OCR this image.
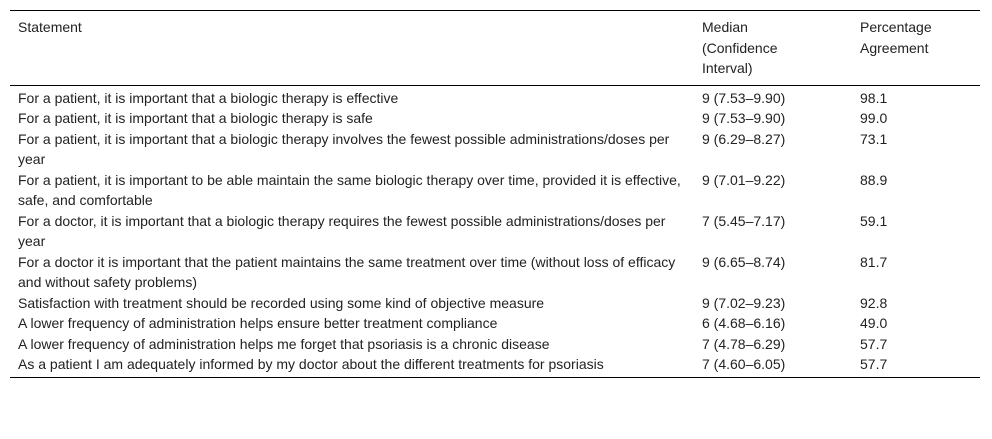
Statement	Median (Confidence Interval)	Percentage Agreement

For a patient, it is important that a biologic therapy is effective	9 (7.53–9.90)	98.1
For a patient, it is important that a biologic therapy is safe	9 (7.53–9.90)	99.0
For a patient, it is important that a biologic therapy involves the fewest possible administrations/doses per year	9 (6.29–8.27)	73.1
For a patient, it is important to be able maintain the same biologic therapy over time, provided it is effective, safe, and comfortable	9 (7.01–9.22)	88.9
For a doctor, it is important that a biologic therapy requires the fewest possible administrations/doses per year	7 (5.45–7.17)	59.1
For a doctor it is important that the patient maintains the same treatment over time (without loss of efficacy and without safety problems)	9 (6.65–8.74)	81.7
Satisfaction with treatment should be recorded using some kind of objective measure	9 (7.02–9.23)	92.8
A lower frequency of administration helps ensure better treatment compliance	6 (4.68–6.16)	49.0
A lower frequency of administration helps me forget that psoriasis is a chronic disease	7 (4.78–6.29)	57.7
As a patient I am adequately informed by my doctor about the different treatments for psoriasis	7 (4.60–6.05)	57.7
